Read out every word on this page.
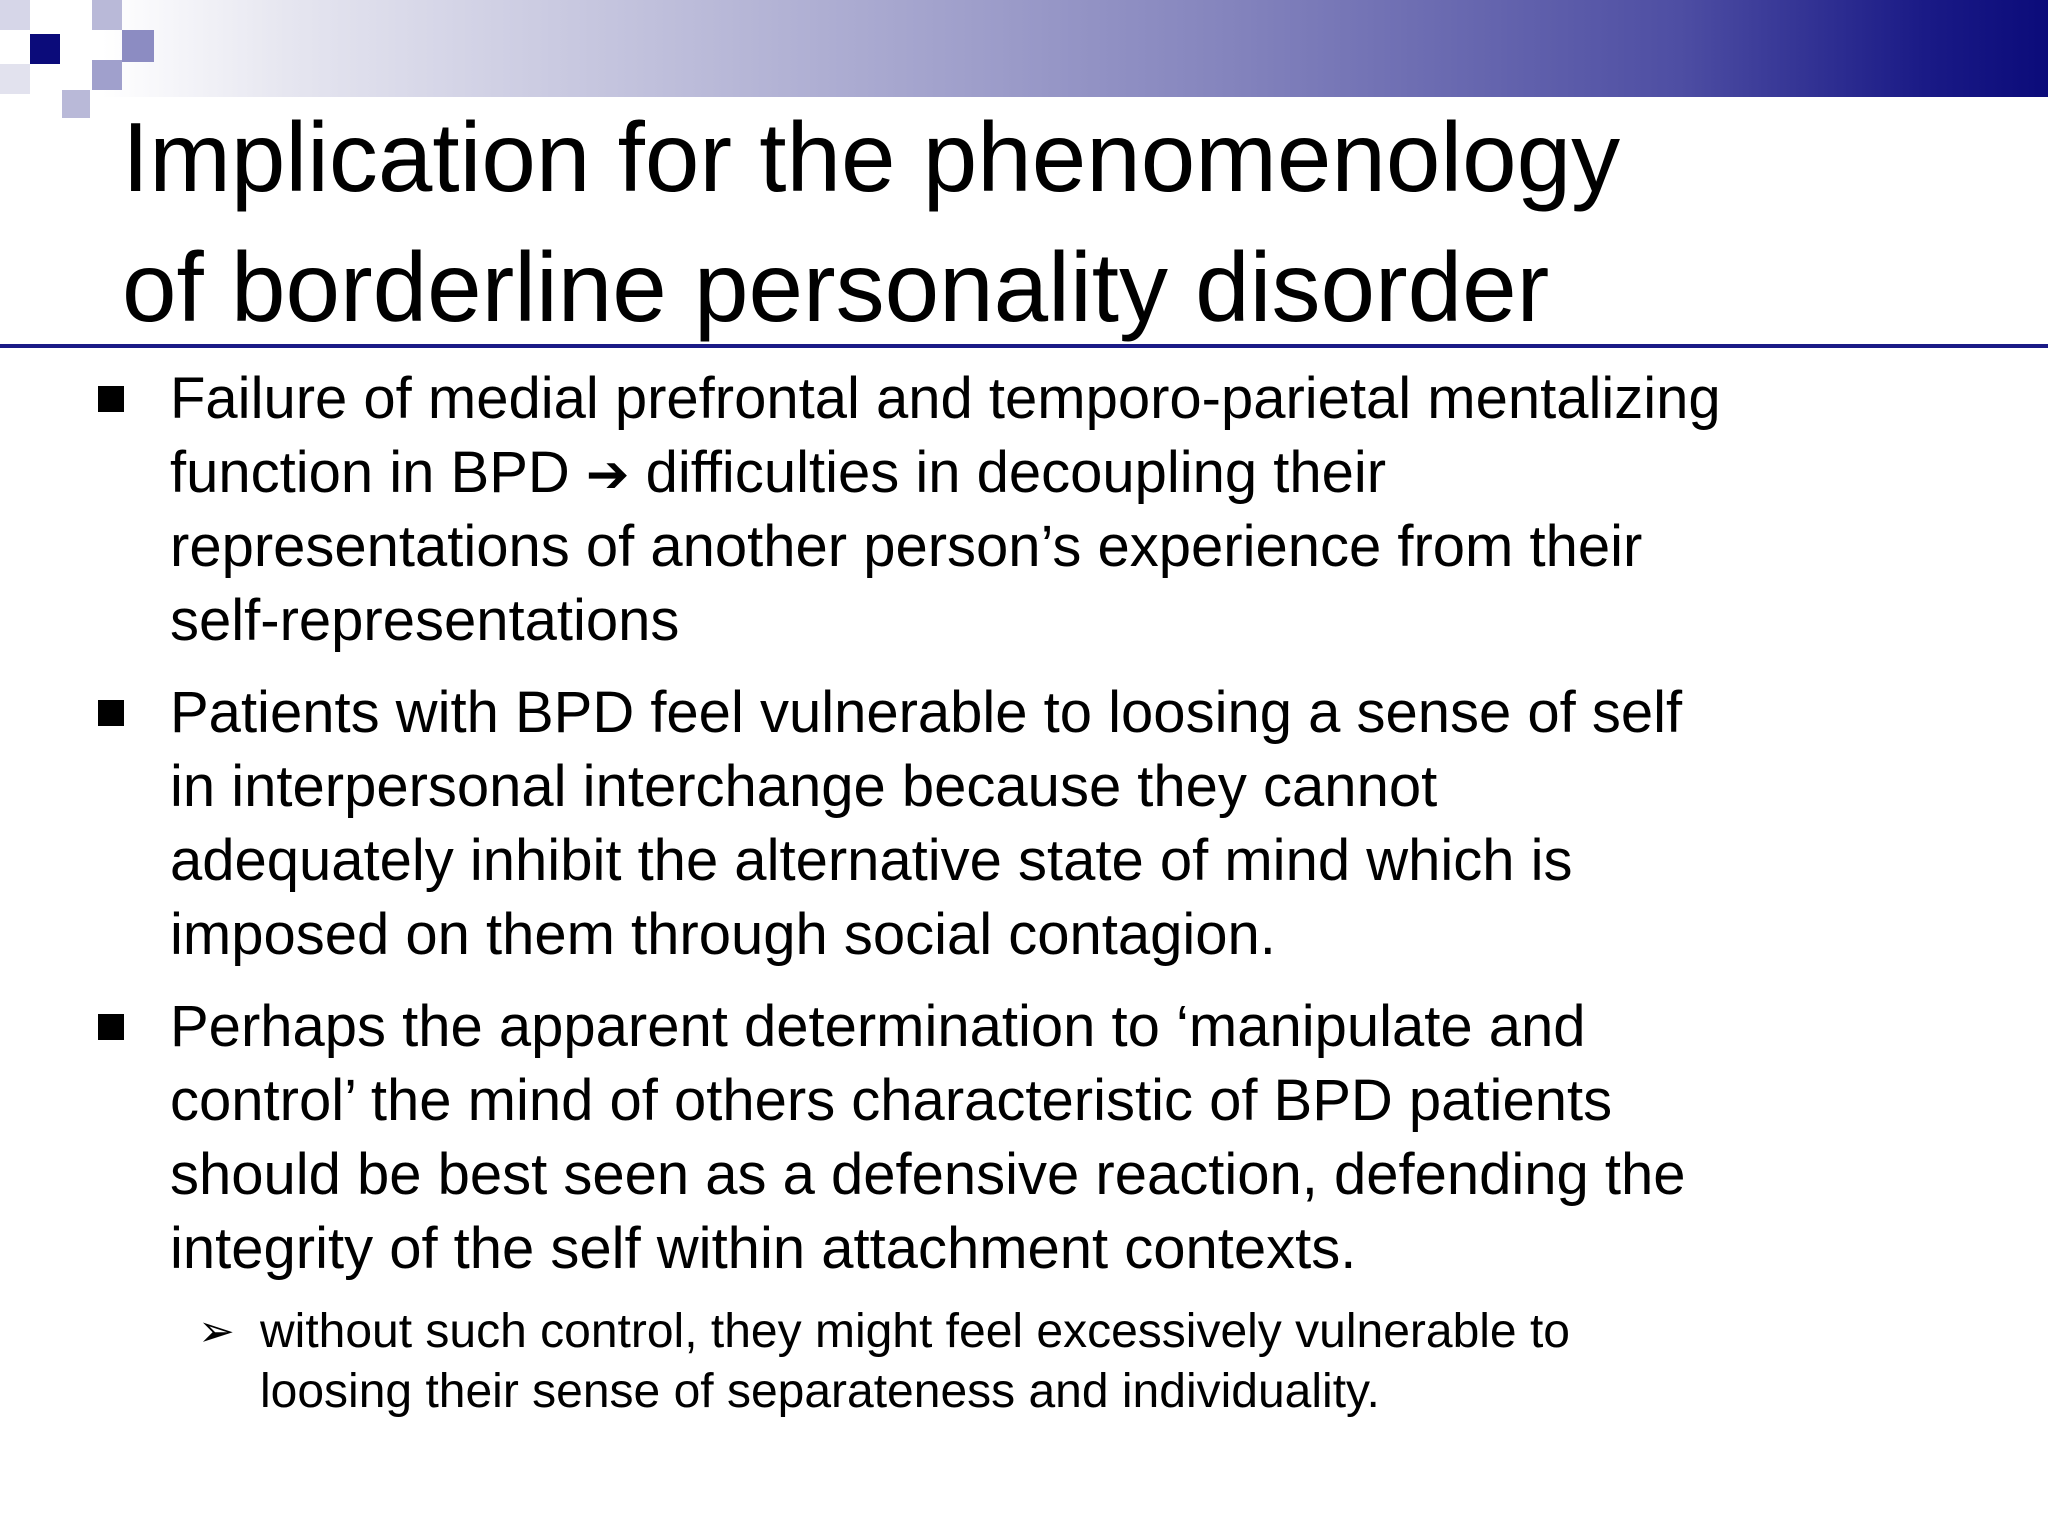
Implication for the phenomenology
of borderline personality disorder
Failure of medial prefrontal and temporo-parietal mentalizing
function in BPD ➔ difficulties in decoupling their
representations of another person’s experience from their
self-representations
Patients with BPD feel vulnerable to loosing a sense of self
in interpersonal interchange because they cannot
adequately inhibit the alternative state of mind which is
imposed on them through social contagion.
Perhaps the apparent determination to ‘manipulate and
control’ the mind of others characteristic of BPD patients
should be best seen as a defensive reaction, defending the
integrity of the self within attachment contexts.
➢ without such control, they might feel excessively vulnerable to
loosing their sense of separateness and individuality.
